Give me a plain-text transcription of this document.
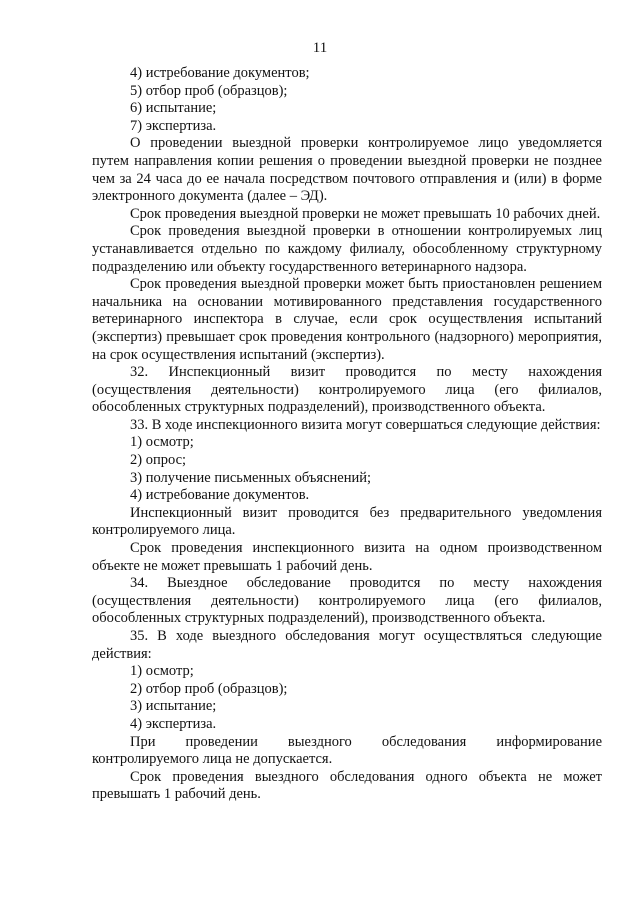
11

4) истребование документов;

5) отбор проб (образцов);

6) испытание;

7) экспертиза.

О проведении выездной проверки контролируемое лицо уведомляется путем направления копии решения о проведении выездной проверки не позднее чем за 24 часа до ее начала посредством почтового отправления и (или) в форме электронного документа (далее – ЭД).

Срок проведения выездной проверки не может превышать 10 рабочих дней.

Срок проведения выездной проверки в отношении контролируемых лиц устанавливается отдельно по каждому филиалу, обособленному структурному подразделению или объекту государственного ветеринарного надзора.

Срок проведения выездной проверки может быть приостановлен решением начальника на основании мотивированного представления государственного ветеринарного инспектора в случае, если срок осуществления испытаний (экспертиз) превышает срок проведения контрольного (надзорного) мероприятия, на срок осуществления испытаний (экспертиз).

32. Инспекционный визит проводится по месту нахождения (осуществления деятельности) контролируемого лица (его филиалов, обособленных структурных подразделений), производственного объекта.

33. В ходе инспекционного визита могут совершаться следующие действия:

1) осмотр;

2) опрос;

3) получение письменных объяснений;

4) истребование документов.

Инспекционный визит проводится без предварительного уведомления контролируемого лица.

Срок проведения инспекционного визита на одном производственном объекте не может превышать 1 рабочий день.

34. Выездное обследование проводится по месту нахождения (осуществления деятельности) контролируемого лица (его филиалов, обособленных структурных подразделений), производственного объекта.

35. В ходе выездного обследования могут осуществляться следующие действия:

1) осмотр;

2) отбор проб (образцов);

3) испытание;

4) экспертиза.

При проведении выездного обследования информирование контролируемого лица не допускается.

Срок проведения выездного обследования одного объекта не может превышать 1 рабочий день.
